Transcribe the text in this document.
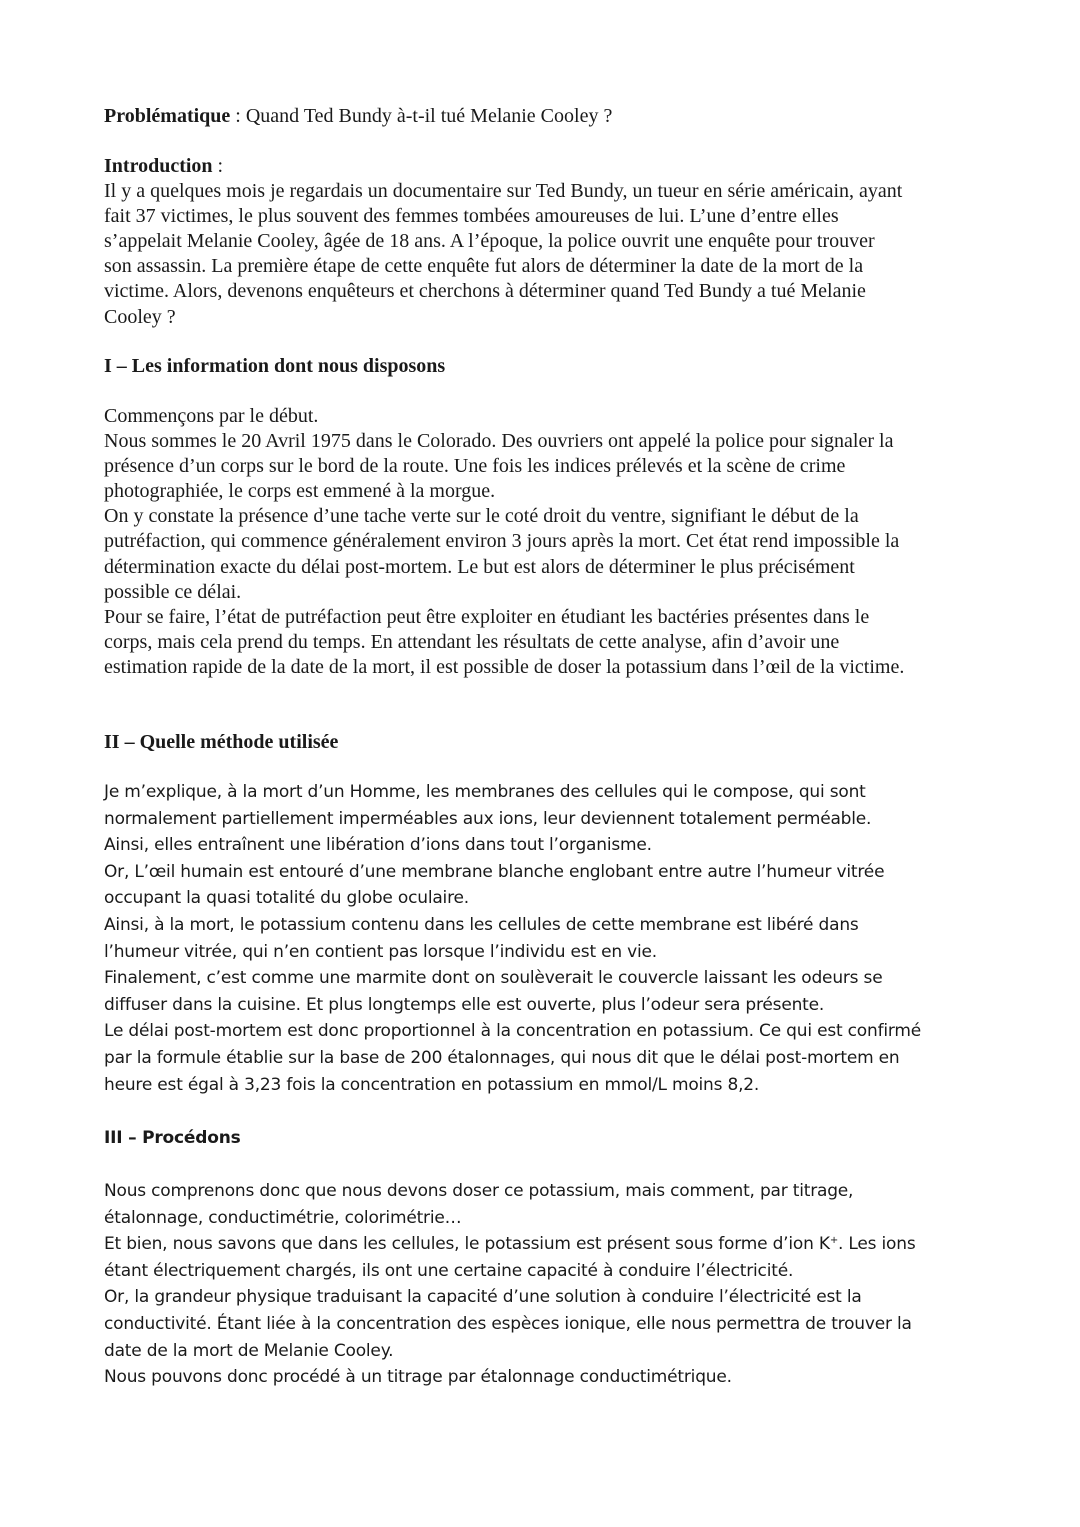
Problématique : Quand Ted Bundy à-t-il tué Melanie Cooley ?
Introduction :
Il y a quelques mois je regardais un documentaire sur Ted Bundy, un tueur en série américain, ayant
fait 37 victimes, le plus souvent des femmes tombées amoureuses de lui. L’une d’entre elles
s’appelait Melanie Cooley, âgée de 18 ans. A l’époque, la police ouvrit une enquête pour trouver
son assassin. La première étape de cette enquête fut alors de déterminer la date de la mort de la
victime. Alors, devenons enquêteurs et cherchons à déterminer quand Ted Bundy a tué Melanie
Cooley ?
I – Les information dont nous disposons
Commençons par le début.
Nous sommes le 20 Avril 1975 dans le Colorado. Des ouvriers ont appelé la police pour signaler la
présence d’un corps sur le bord de la route. Une fois les indices prélevés et la scène de crime
photographiée, le corps est emmené à la morgue.
On y constate la présence d’une tache verte sur le coté droit du ventre, signifiant le début de la
putréfaction, qui commence généralement environ 3 jours après la mort. Cet état rend impossible la
détermination exacte du délai post-mortem. Le but est alors de déterminer le plus précisément
possible ce délai.
Pour se faire, l’état de putréfaction peut être exploiter en étudiant les bactéries présentes dans le
corps, mais cela prend du temps. En attendant les résultats de cette analyse, afin d’avoir une
estimation rapide de la date de la mort, il est possible de doser la potassium dans l’œil de la victime.
II – Quelle méthode utilisée
Je m’explique, à la mort d’un Homme, les membranes des cellules qui le compose, qui sont
normalement partiellement imperméables aux ions, leur deviennent totalement perméable.
Ainsi, elles entraînent une libération d’ions dans tout l’organisme.
Or, L’œil humain est entouré d’une membrane blanche englobant entre autre l’humeur vitrée
occupant la quasi totalité du globe oculaire.
Ainsi, à la mort, le potassium contenu dans les cellules de cette membrane est libéré dans
l’humeur vitrée, qui n’en contient pas lorsque l’individu est en vie.
Finalement, c’est comme une marmite dont on soulèverait le couvercle laissant les odeurs se
diffuser dans la cuisine. Et plus longtemps elle est ouverte, plus l’odeur sera présente.
Le délai post-mortem est donc proportionnel à la concentration en potassium. Ce qui est confirmé
par la formule établie sur la base de 200 étalonnages, qui nous dit que le délai post-mortem en
heure est égal à 3,23 fois la concentration en potassium en mmol/L moins 8,2.
III – Procédons
Nous comprenons donc que nous devons doser ce potassium, mais comment, par titrage,
étalonnage, conductimétrie, colorimétrie…
Et bien, nous savons que dans les cellules, le potassium est présent sous forme d’ion K+. Les ions
étant électriquement chargés, ils ont une certaine capacité à conduire l’électricité.
Or, la grandeur physique traduisant la capacité d’une solution à conduire l’électricité est la
conductivité. Étant liée à la concentration des espèces ionique, elle nous permettra de trouver la
date de la mort de Melanie Cooley.
Nous pouvons donc procédé à un titrage par étalonnage conductimétrique.
